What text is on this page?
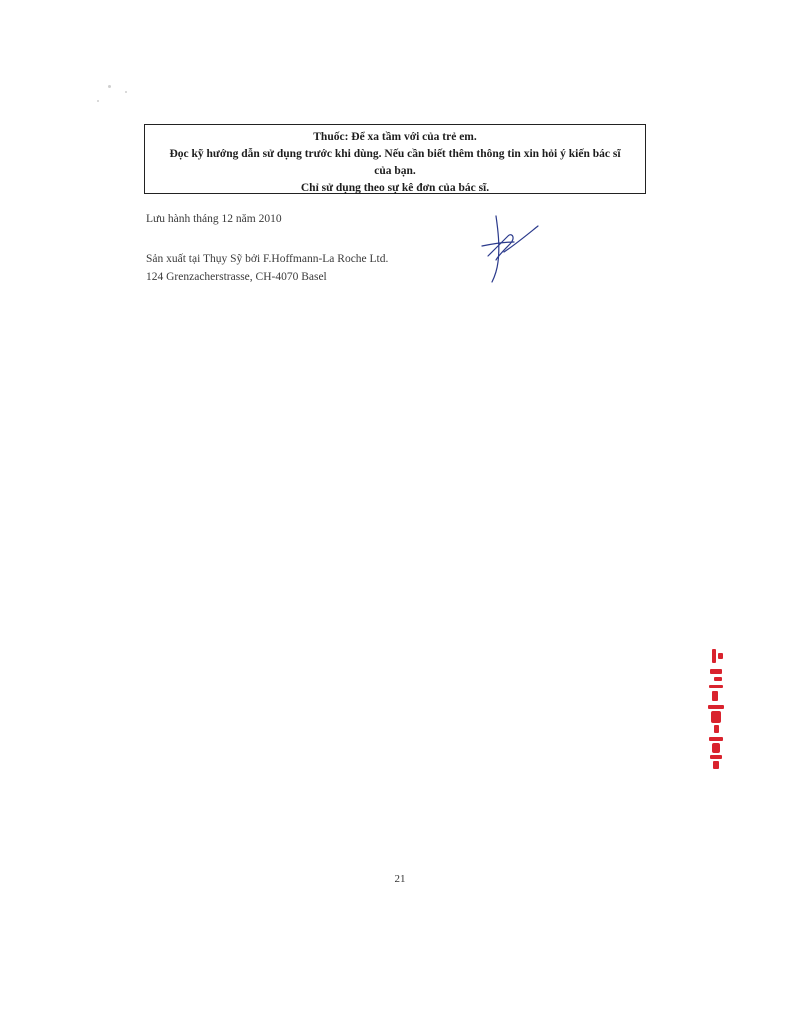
Thuốc: Để xa tầm với của trẻ em.
Đọc kỹ hướng dẫn sử dụng trước khi dùng. Nếu cần biết thêm thông tin xin hỏi ý kiến bác sĩ
của bạn.
Chỉ sử dụng theo sự kê đơn của bác sĩ.
Lưu hành tháng 12 năm 2010
Sản xuất tại Thụy Sỹ bởi F.Hoffmann-La Roche Ltd.
124 Grenzacherstrasse, CH-4070 Basel
21
